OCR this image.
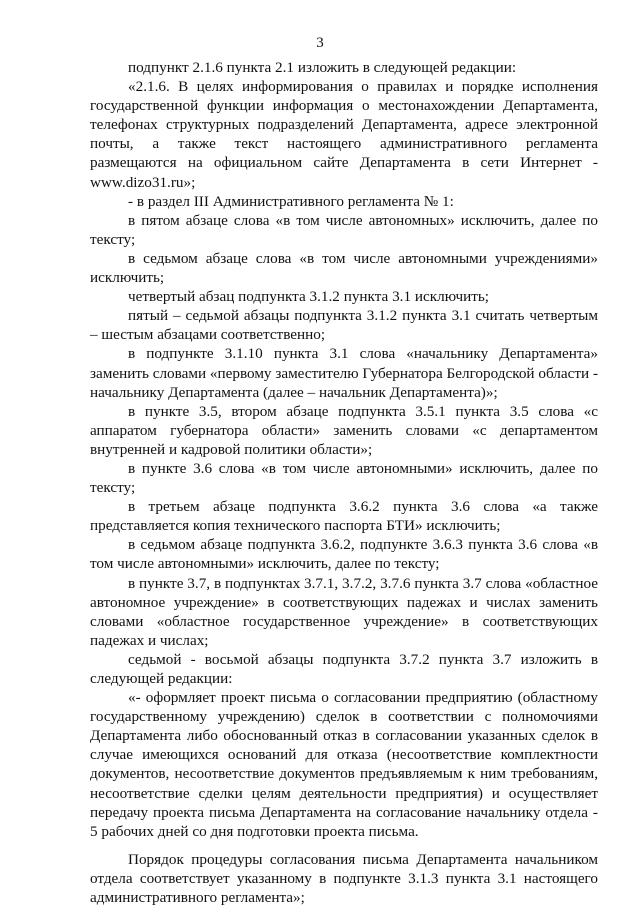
3

подпункт 2.1.6 пункта 2.1 изложить в следующей редакции:

«2.1.6. В целях информирования о правилах и порядке исполнения государственной функции информация о местонахождении Департамента, телефонах структурных подразделений Департамента, адресе электронной почты, а также текст настоящего административного регламента размещаются на официальном сайте Департамента в сети Интернет - www.dizo31.ru»;

- в раздел III Административного регламента № 1:

в пятом абзаце слова «в том числе автономных» исключить, далее по тексту;

в седьмом абзаце слова «в том числе автономными учреждениями» исключить;

четвертый абзац подпункта 3.1.2 пункта 3.1 исключить;

пятый – седьмой абзацы подпункта 3.1.2 пункта 3.1 считать четвертым – шестым абзацами соответственно;

в подпункте 3.1.10 пункта 3.1 слова «начальнику Департамента» заменить словами «первому заместителю Губернатора Белгородской области - начальнику Департамента (далее – начальник Департамента)»;

в пункте 3.5, втором абзаце подпункта 3.5.1 пункта 3.5 слова «с аппаратом губернатора области» заменить словами «с департаментом внутренней и кадровой политики области»;

в пункте 3.6 слова «в том числе автономными» исключить, далее по тексту;

в третьем абзаце подпункта 3.6.2 пункта 3.6 слова «а также представляется копия технического паспорта БТИ» исключить;

в седьмом абзаце подпункта 3.6.2, подпункте 3.6.3 пункта 3.6 слова «в том числе автономными» исключить, далее по тексту;

в пункте 3.7, в подпунктах 3.7.1, 3.7.2, 3.7.6 пункта 3.7 слова «областное автономное учреждение» в соответствующих падежах и числах заменить словами «областное государственное учреждение» в соответствующих падежах и числах;

седьмой - восьмой абзацы подпункта 3.7.2 пункта 3.7 изложить в следующей редакции:

«- оформляет проект письма о согласовании предприятию (областному государственному учреждению) сделок в соответствии с полномочиями Департамента либо обоснованный отказ в согласовании указанных сделок в случае имеющихся оснований для отказа (несоответствие комплектности документов, несоответствие документов предъявляемым к ним требованиям, несоответствие сделки целям деятельности предприятия) и осуществляет передачу проекта письма Департамента на согласование начальнику отдела - 5 рабочих дней со дня подготовки проекта письма.

Порядок процедуры согласования письма Департамента начальником отдела соответствует указанному в подпункте 3.1.3 пункта 3.1 настоящего административного регламента»;
